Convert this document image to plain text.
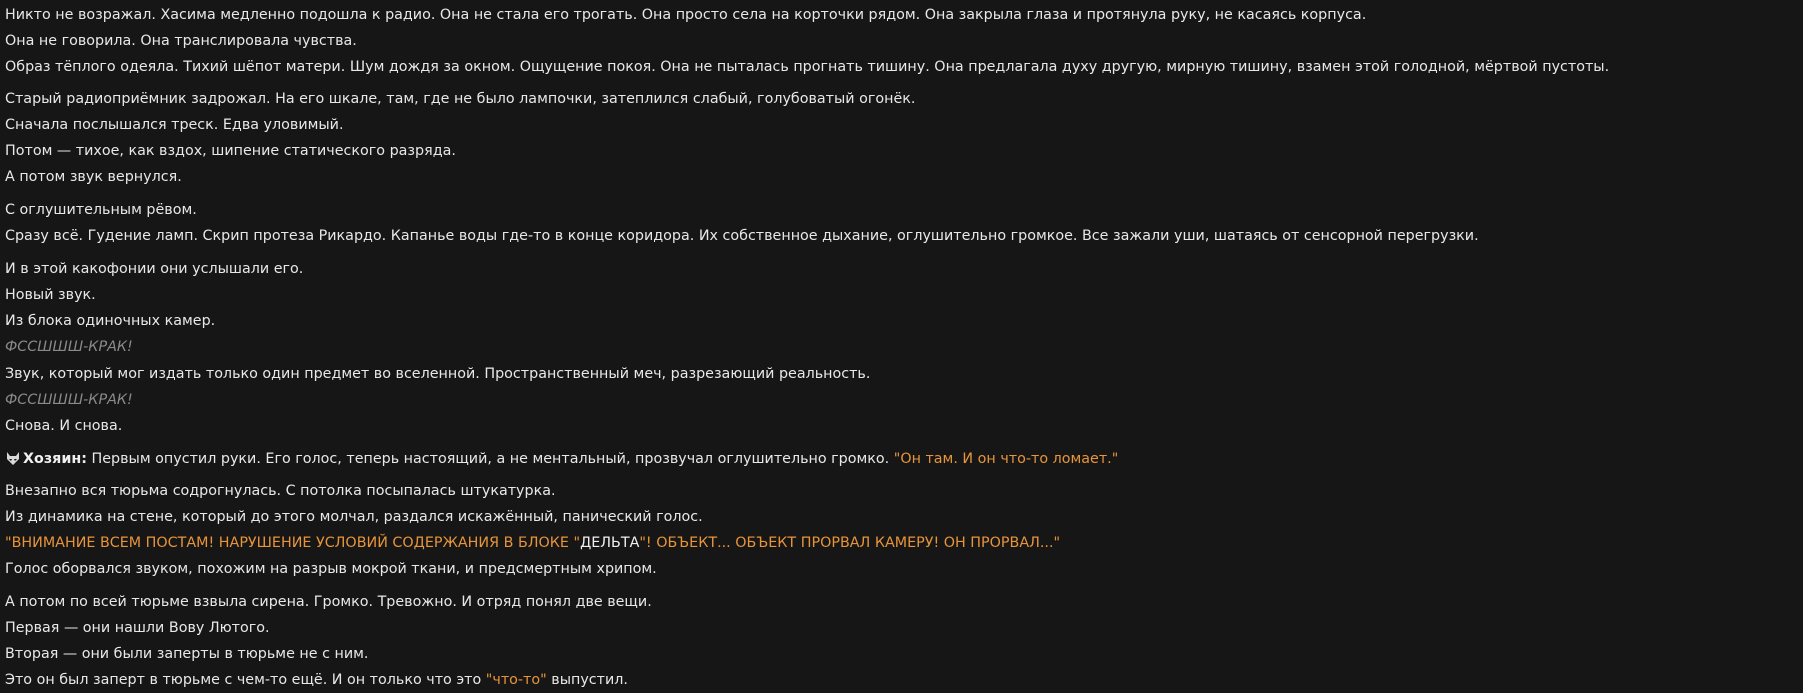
Никто не возражал. Хасима медленно подошла к радио. Она не стала его трогать. Она просто села на корточки рядом. Она закрыла глаза и протянула руку, не касаясь корпуса.
Она не говорила. Она транслировала чувства.
Образ тёплого одеяла. Тихий шёпот матери. Шум дождя за окном. Ощущение покоя. Она не пыталась прогнать тишину. Она предлагала духу другую, мирную тишину, взамен этой голодной, мёртвой пустоты.
Старый радиоприёмник задрожал. На его шкале, там, где не было лампочки, затеплился слабый, голубоватый огонёк.
Сначала послышался треск. Едва уловимый.
Потом — тихое, как вздох, шипение статического разряда.
А потом звук вернулся.
С оглушительным рёвом.
Сразу всё. Гудение ламп. Скрип протеза Рикардо. Капанье воды где-то в конце коридора. Их собственное дыхание, оглушительно громкое. Все зажали уши, шатаясь от сенсорной перегрузки.
И в этой какофонии они услышали его.
Новый звук.
Из блока одиночных камер.
ФССШШШ-КРАК!
Звук, который мог издать только один предмет во вселенной. Пространственный меч, разрезающий реальность.
ФССШШШ-КРАК!
Снова. И снова.
Хозяин: Первым опустил руки. Его голос, теперь настоящий, а не ментальный, прозвучал оглушительно громко. "Он там. И он что-то ломает."
Внезапно вся тюрьма содрогнулась. С потолка посыпалась штукатурка.
Из динамика на стене, который до этого молчал, раздался искажённый, панический голос.
"ВНИМАНИЕ ВСЕМ ПОСТАМ! НАРУШЕНИЕ УСЛОВИЙ СОДЕРЖАНИЯ В БЛОКЕ "ДЕЛЬТА"! ОБЪЕКТ... ОБЪЕКТ ПРОРВАЛ КАМЕРУ! ОН ПРОРВАЛ..."
Голос оборвался звуком, похожим на разрыв мокрой ткани, и предсмертным хрипом.
А потом по всей тюрьме взвыла сирена. Громко. Тревожно. И отряд понял две вещи.
Первая — они нашли Вову Лютого.
Вторая — они были заперты в тюрьме не с ним.
Это он был заперт в тюрьме с чем-то ещё. И он только что это "что-то" выпустил.
